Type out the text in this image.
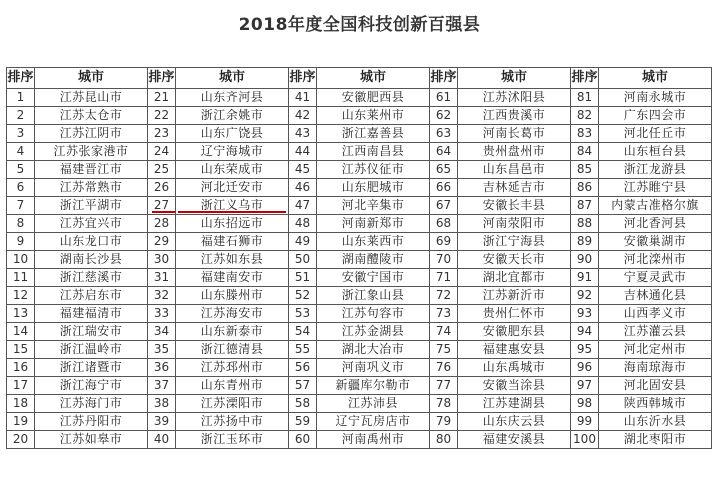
2018年度全国科技创新百强县
排序	城市	排序	城市	排序	城市	排序	城市	排序	城市
1	江苏昆山市	21	山东齐河县	41	安徽肥西县	61	江苏沭阳县	81	河南永城市
2	江苏太仓市	22	浙江余姚市	42	山东莱州市	62	江西贵溪市	82	广东四会市
3	江苏江阴市	23	山东广饶县	43	浙江嘉善县	63	河南长葛市	83	河北任丘市
4	江苏张家港市	24	辽宁海城市	44	江西南昌县	64	贵州盘州市	84	山东桓台县
5	福建晋江市	25	山东荣成市	45	江苏仪征市	65	山东昌邑市	85	浙江龙游县
6	江苏常熟市	26	河北迁安市	46	山东肥城市	66	吉林延吉市	86	江苏睢宁县
7	浙江平湖市	27	浙江义乌市	47	河北辛集市	67	安徽长丰县	87	内蒙古准格尔旗
8	江苏宜兴市	28	山东招远市	48	河南新郑市	68	河南荥阳市	88	河北香河县
9	山东龙口市	29	福建石狮市	49	山东莱西市	69	浙江宁海县	89	安徽巢湖市
10	湖南长沙县	30	江苏如东县	50	湖南醴陵市	70	安徽天长市	90	河北滦州市
11	浙江慈溪市	31	福建南安市	51	安徽宁国市	71	湖北宜都市	91	宁夏灵武市
12	江苏启东市	32	山东滕州市	52	浙江象山县	72	江苏新沂市	92	吉林通化县
13	福建福清市	33	江苏海安市	53	江苏句容市	73	贵州仁怀市	93	山西孝义市
14	浙江瑞安市	34	山东新泰市	54	江苏金湖县	74	安徽肥东县	94	江苏灌云县
15	浙江温岭市	35	浙江德清县	55	湖北大冶市	75	福建惠安县	95	河北定州市
16	浙江诸暨市	36	江苏邳州市	56	河南巩义市	76	山东禹城市	96	海南琼海市
17	浙江海宁市	37	山东青州市	57	新疆库尔勒市	77	安徽当涂县	97	河北固安县
18	江苏海门市	38	江苏溧阳市	58	江苏沛县	78	江苏建湖县	98	陕西韩城市
19	江苏丹阳市	39	江苏扬中市	59	辽宁瓦房店市	79	山东庆云县	99	山东沂水县
20	江苏如皋市	40	浙江玉环市	60	河南禹州市	80	福建安溪县	100	湖北枣阳市
